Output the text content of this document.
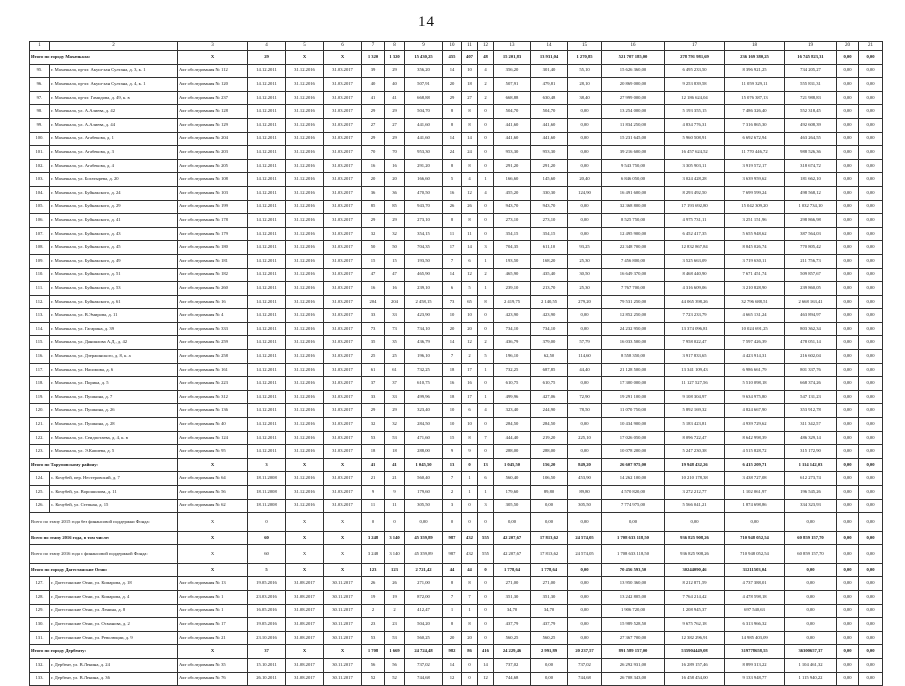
14
1	2	3	4	5	6	7	8	9	10	11	12	13	14	15	16	17	18	19	20	21
Итого по городу Махачкала:		Х	29	Х	Х	1 320	1 320	15 430,25	455	407	48	15 201,83	13 931,04	1 270,85	521 707 185,00	278 791 981,69	236 169 380,25	16 745 823,31	0,00	0,00
95.	г. Махачкала, пр-кт. Акуш-хан Султана, д. 3, к. 1	Акт обследования № 112	14.12.2011	31.12.2016	31.03.2017	39	29	356,20	14	10	4	356,20	301,40	55,10	15 626 360,00	6 495 233,50	8 396 921,25	734 205,27	0,00	0,00
96.	г. Махачкала, пр-кт. Акуш-хан Султана, д. 4, к. 1	Акт обследования № 120	14.12.2011	31.12.2016	31.03.2017	40	40	507,91	20	18	2	507,91	479,81	28,10	20 869 000,00	9 253 839,58	11 059 329,11	555 831,31	0,00	0,00
97.	г. Махачкала, пр-кт. Гамидова, д. 49, к. в	Акт обследования № 237	14.12.2011	31.12.2016	31.03.2017	41	41	668,88	29	27	2	668,88	630,48	38,40	27 999 000,00	12 186 624,04	15 076 387,13	721 988,83	0,00	0,00
98.	г. Махачкала, ул. А.Алиева, д. 42	Акт обследования № 128	14.12.2011	31.12.2016	31.03.2017	29	29	504,70	8	8	0	504,70	504,70	0,00	13 254 000,00	5 193 355,15	7 486 326,40	552 318,45	0,00	0,00
99.	г. Махачкала, ул. А.Алиева, д. 44	Акт обследования № 129	14.12.2011	31.12.2016	31.03.2017	27	27	441,60	8	8	0	441,60	441,60	0,00	11 834 250,00	4 834 776,31	7 316 865,30	492 608,39	0,00	0,00
100.	г. Махачкала, ул. Агабекова, д. 1	Акт обследования № 204	14.12.2011	31.12.2016	31.03.2017	29	29	441,60	14	14	0	441,60	441,60	0,00	15 231 645,00	5 960 508,91	6 692 672,94	463 264,55	0,00	0,00
101.	г. Махачкала, ул. Агабекова, д. 3	Акт обследования № 203	14.12.2011	31.12.2016	31.03.2017	70	70	953,30	24	24	0	953,30	953,30	0,00	39 216 600,00	16 457 624,52	11 770 446,72	988 526,36	0,00	0,00
102.	г. Махачкала, ул. Агабекова, д. 4	Акт обследования № 205	14.12.2011	31.12.2016	31.03.2017	16	16	291,20	8	8	0	291,20	291,20	0,00	9 543 750,00	3 305 903,11	3 919 572,17	318 674,72	0,00	0,00
103.	г. Махачкала, ул. Богатырева, д. 20	Акт обследования № 108	14.12.2011	31.12.2016	31.03.2017	20	20	166,60	5	4	1	166,60	145,60	20,40	6 846 050,00	3 024 428,28	3 639 959,62	181 662,10	0,00	0,00
104.	г. Махачкала, ул. Буйнакского, д. 24	Акт обследования № 103	14.12.2011	31.12.2016	31.03.2017	36	36	470,50	16	12	4	455,20	330,30	124,90	16 491 600,00	8 293 492,50	7 699 599,24	498 568,12	0,00	0,00
105.	г. Махачкала, ул. Буйнакского, д. 29	Акт обследования № 199	14.12.2011	31.12.2016	31.03.2017	85	85	943,70	26	26	0	943,70	943,70	0,00	32 368 800,00	17 193 692,80	15 042 309,20	1 032 734,10	0,00	0,00
106.	г. Махачкала, ул. Буйнакского, д. 41	Акт обследования № 178	14.12.2011	31.12.2016	31.03.2017	29	29	273,10	8	8	0	273,10	273,10	0,00	8 525 750,00	4 975 731,11	3 251 151,96	298 866,98	0,00	0,00
107.	г. Махачкала, ул. Буйнакского, д. 43	Акт обследования № 179	14.12.2011	31.12.2016	31.03.2017	32	32	354,15	11	11	0	354,15	354,15	0,00	12 495 900,00	6 452 417,35	5 655 948,62	387 564,03	0,00	0,00
108.	г. Махачкала, ул. Буйнакского, д. 45	Акт обследования № 180	14.12.2011	31.12.2016	31.03.2017	50	50	704,35	17	14	3	704,35	611,10	93,25	22 348 700,00	12 832 867,84	8 845 026,74	770 805,42	0,00	0,00
109.	г. Махачкала, ул. Буйнакского, д. 49	Акт обследования № 181	14.12.2011	31.12.2016	31.03.2017	15	15	193,50	7	6	1	193,50	168,20	25,30	7 456 800,00	3 525 663,09	3 719 630,11	211 756,73	0,00	0,00
110.	г. Махачкала, ул. Буйнакского, д. 51	Акт обследования № 182	14.12.2011	31.12.2016	31.03.2017	47	47	465,90	14	12	2	465,90	435,40	30,50	16 649 370,00	8 468 440,90	7 671 451,74	509 857,67	0,00	0,00
111.	г. Махачкала, ул. Буйнакского, д. 53	Акт обследования № 260	14.12.2011	31.12.2016	31.03.2017	16	16	239,10	6	5	1	239,10	213,70	25,30	7 767 700,00	4 316 609,06	3 210 828,90	239 860,05	0,00	0,00
112.	г. Махачкала, ул. Буйнакского, д. 61	Акт обследования № 16	14.12.2011	31.12.2016	31.03.2017	204	204	2 458,15	73	65	8	2 419,75	2 140,55	279,20	79 531 250,00	44 065 398,26	32 796 688,51	2 668 163,41	0,00	0,00
113.	г. Махачкала, ул. В.Эмирова, д. 11	Акт обследования № 4	14.12.2011	31.12.2016	31.03.2017	33	33	423,90	10	10	0	423,90	423,90	0,00	12 852 250,00	7 723 233,79	4 665 131,24	463 894,97	0,00	0,00
114.	г. Махачкала, ул. Гагарина, д. 39	Акт обследования № 333	14.12.2011	31.12.2016	31.03.2017	73	73	734,10	20	20	0	734,10	734,10	0,00	24 232 950,00	13 374 096,81	10 024 691,25	803 362,34	0,00	0,00
115.	г. Махачкала, ул. Даниялова А.Д., д. 42	Акт обследования № 259	14.12.2011	31.12.2016	31.03.2017	35	35	436,79	14	12	2	436,79	379,00	57,79	16 033 500,00	7 958 022,47	7 597 426,39	478 051,14	0,00	0,00
116.	г. Махачкала, ул. Дзержинского, д. 8, к. а	Акт обследования № 258	14.12.2011	31.12.2016	31.03.2017	25	25	196,10	7	2	5	196,10	62,50	114,60	8 558 350,00	3 917 833,65	4 423 914,31	216 602,04	0,00	0,00
117.	г. Махачкала, ул. Насимова, д. 6	Акт обследования № 161	14.12.2011	31.12.2016	31.03.2017	61	61	732,25	18	17	1	732,25	687,85	44,40	21 128 500,00	13 341 109,43	6 986 661,79	801 337,76	0,00	0,00
118.	г. Махачкала, ул. Порика, д. 5	Акт обследования № 223	14.12.2011	31.12.2016	31.03.2017	37	37	610,75	16	16	0	610,75	610,75	0,00	17 300 000,00	11 127 527,56	5 510 098,18	668 374,26	0,00	0,00
119.	г. Махачкала, ул. Пушкина, д. 7	Акт обследования № 312	14.12.2011	31.12.2016	31.03.2017	33	33	499,96	18	17	1	499,96	427,06	72,90	19 291 100,00	9 108 304,97	9 634 975,80	547 131,23	0,00	0,00
120.	г. Махачкала, ул. Пушкина, д. 26	Акт обследования № 136	14.12.2011	31.12.2016	31.03.2017	29	29	323,40	10	6	4	323,40	244,90	78,50	11 070 750,00	5 892 169,32	4 824 667,90	353 912,78	0,00	0,00
121.	г. Махачкала, ул. Пушкина, д. 28	Акт обследования № 40	14.12.2011	31.12.2016	31.03.2017	32	32	284,50	10	10	0	284,50	284,50	0,00	10 434 900,00	5 183 423,81	4 939 729,62	311 342,57	0,00	0,00
122.	г. Махачкала, ул. Сеидпотаева, д. 4, к. в	Акт обследования № 124	14.12.2011	31.12.2016	31.03.2017	53	53	471,60	15	8	7	444,40	219,20	225,10	17 026 050,00	8 096 722,47	8 642 998,39	486 329,14	0,00	0,00
123.	г. Махачкала, ул. Э.Капиева, д. 5	Акт обследования № 95	14.12.2011	31.12.2016	31.03.2017	18	18	288,00	9	9	0	288,00	288,00	0,00	10 078 200,00	5 247 230,38	4 515 828,72	315 172,90	0,00	0,00
Итого по Тарумовскому району:		Х	3	Х	Х	41	41	1 045,50	13	0	13	1 045,50	156,20	849,20	26 607 975,00	19 948 432,26	6 415 209,71	1 114 142,03	0,00	0,00
124.	с. Кочубей, пер. Нестеровский, д. 7	Акт обследования № 64	18.11.2008	31.12.2016	31.03.2017	21	21	560,40	7	1	6	560,40	106,50	453,90	14 262 100,00	10 210 178,38	3 438 727,08	612 273,74	0,00	0,00
125.	с. Кочубей, ул. Ворошилова, д. 11	Акт обследования № 56	18.11.2008	31.12.2016	31.03.2017	9	9	179,60	2	1	1	179,60	89,80	89,80	4 570 820,00	3 272 212,77	1 102 061,97	196 545,26	0,00	0,00
126.	с. Кочубей, ул. Степная, д. 15	Акт обследования № 62	18.11.2008	31.12.2016	31.03.2017	11	11	305,50	3	0	3	305,50	0,00	305,50	7 774 975,00	5 566 041,21	1 874 698,86	334 323,93	0,00	0,00
Всего по этапу 2015 года без финансовой поддержки Фонда:		Х	0	Х	Х	0	0	0,00	0	0	0	0,00	0,00	0,00	0,00	0,00	0,00	0,00	0,00	0,00
Всего по этапу 2016 года, в том числе:		Х	60	Х	Х	3 248	3 140	45 359,89	987	432	555	42 207,67	17 813,62	24 574,05	1 708 633 118,50	936 825 908,26	710 948 052,54	60 859 157,70	0,00	0,00
Всего по этапу 2016 года с финансовой поддержкой Фонда:		Х	60	Х	Х	3 248	3 140	45 359,89	987	432	555	42 207,67	17 813,62	24 574,05	1 708 633 118,50	936 825 908,26	710 948 052,54	60 859 157,70	0,00	0,00
Итого по городу Дагестанские Огни:		Х	5	Х	Х	123	123	2 721,42	44	44	0	1 778,64	1 778,64	0,00	70 456 593,50	30244090,46	31211503,04	0,00	0,00	0,00
127.	г. Дагестанские Огни, ул. Комарова, д. 18	Акт обследования № 13	19.05.2016	31.08.2017	30.11.2017	26	26	271,00	8	8	0	271,00	271,00	0,00	13 950 360,00	8 212 871,59	4 737 388,01	0,00	0,00	0,00
128.	г. Дагестанские Огни, ул. Комарова, д. 4	Акт обследования № 1	23.03.2016	31.08.2017	30.11.2017	19	19	872,00	7	7	0	351,30	351,30	0,00	13 242 805,00	7 764 214,42	4 478 598,18	0,00	0,00	0,00
129.	г. Дагестанские Огни, ул. Ленина, д. 8	Акт обследования № 1	16.05.2016	31.08.2017	30.11.2017	2	2	412,47	1	1	0	34,70	34,70	0,00	1 906 720,00	1 208 945,37	697 540,63	0,00	0,00	0,00
130.	г. Дагестанские Огни, ул. Османова, д. 2	Акт обследования № 17	19.05.2016	31.08.2017	30.11.2017	23	23	504,20	8	8	0	437,79	437,79	0,00	15 989 528,50	9 675 762,18	6 313 966,32	0,00	0,00	0,00
131.	г. Дагестанские Огни, ул. Революции, д. 9	Акт обследования № 21	23.10.2016	31.08.2017	30.11.2017	53	53	560,25	20	20	0	560,25	560,25	0,00	27 367 700,00	12 382 296,91	14 985 403,09	0,00	0,00	0,00
Итого по городу Дербенту:		Х	37	Х	Х	1 708	1 669	24 724,48	982	86	416	24 229,46	2 991,89	20 237,57	891 589 157,00	535904449,08	319778658,55	36300657,37	0,00	0,00
132.	г. Дербент, ул. В.Ленина, д. 24	Акт обследования № 35	15.10.2011	31.08.2017	30.11.2017	56	56	737,02	14	0	14	737,02	0,00	737,02	26 292 931,00	16 289 157,46	8 899 313,22	1 104 461,32	0,00	0,00
133.	г. Дербент, ул. В.Ленина, д. 36	Акт обследования № 76	26.10.2011	31.08.2017	30.11.2017	52	52	744,68	12	0	12	744,68	0,00	744,68	26 708 343,00	16 458 454,00	9 133 948,77	1 115 940,22	0,00	0,00
